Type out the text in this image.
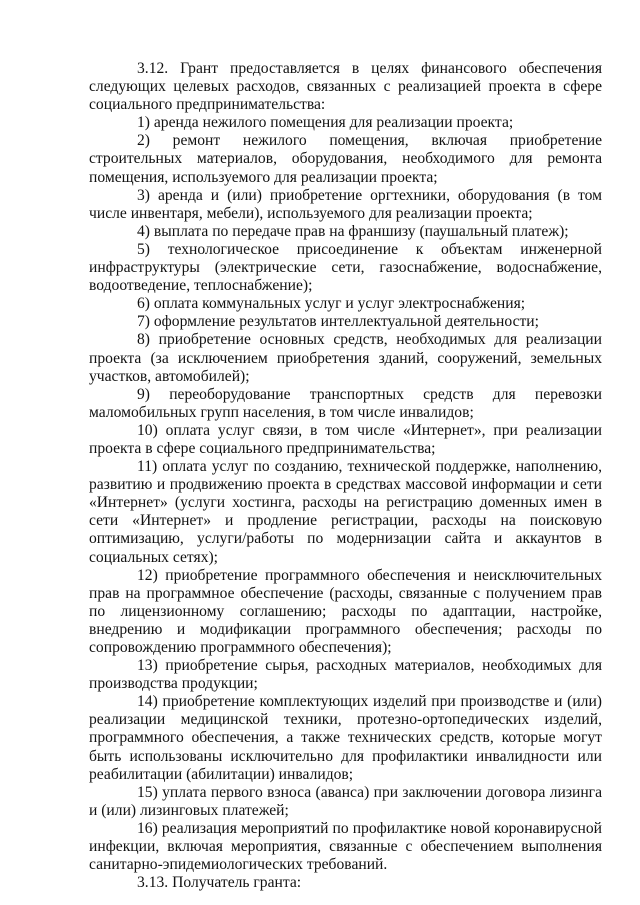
3.12. Грант предоставляется в целях финансового обеспечения следующих целевых расходов, связанных с реализацией проекта в сфере социального предпринимательства:

1) аренда нежилого помещения для реализации проекта;

2) ремонт нежилого помещения, включая приобретение строительных материалов, оборудования, необходимого для ремонта помещения, используемого для реализации проекта;

3) аренда и (или) приобретение оргтехники, оборудования (в том числе инвентаря, мебели), используемого для реализации проекта;

4) выплата по передаче прав на франшизу (паушальный платеж);

5) технологическое присоединение к объектам инженерной инфраструктуры (электрические сети, газоснабжение, водоснабжение, водоотведение, теплоснабжение);

6) оплата коммунальных услуг и услуг электроснабжения;

7) оформление результатов интеллектуальной деятельности;

8) приобретение основных средств, необходимых для реализации проекта (за исключением приобретения зданий, сооружений, земельных участков, автомобилей);

9) переоборудование транспортных средств для перевозки маломобильных групп населения, в том числе инвалидов;

10) оплата услуг связи, в том числе «Интернет», при реализации проекта в сфере социального предпринимательства;

11) оплата услуг по созданию, технической поддержке, наполнению, развитию и продвижению проекта в средствах массовой информации и сети «Интернет» (услуги хостинга, расходы на регистрацию доменных имен в сети «Интернет» и продление регистрации, расходы на поисковую оптимизацию, услуги/работы по модернизации сайта и аккаунтов в социальных сетях);

12) приобретение программного обеспечения и неисключительных прав на программное обеспечение (расходы, связанные с получением прав по лицензионному соглашению; расходы по адаптации, настройке, внедрению и модификации программного обеспечения; расходы по сопровождению программного обеспечения);

13) приобретение сырья, расходных материалов, необходимых для производства продукции;

14) приобретение комплектующих изделий при производстве и (или) реализации медицинской техники, протезно-ортопедических изделий, программного обеспечения, а также технических средств, которые могут быть использованы исключительно для профилактики инвалидности или реабилитации (абилитации) инвалидов;

15) уплата первого взноса (аванса) при заключении договора лизинга и (или) лизинговых платежей;

16) реализация мероприятий по профилактике новой коронавирусной инфекции, включая мероприятия, связанные с обеспечением выполнения санитарно-эпидемиологических требований.

3.13. Получатель гранта:
